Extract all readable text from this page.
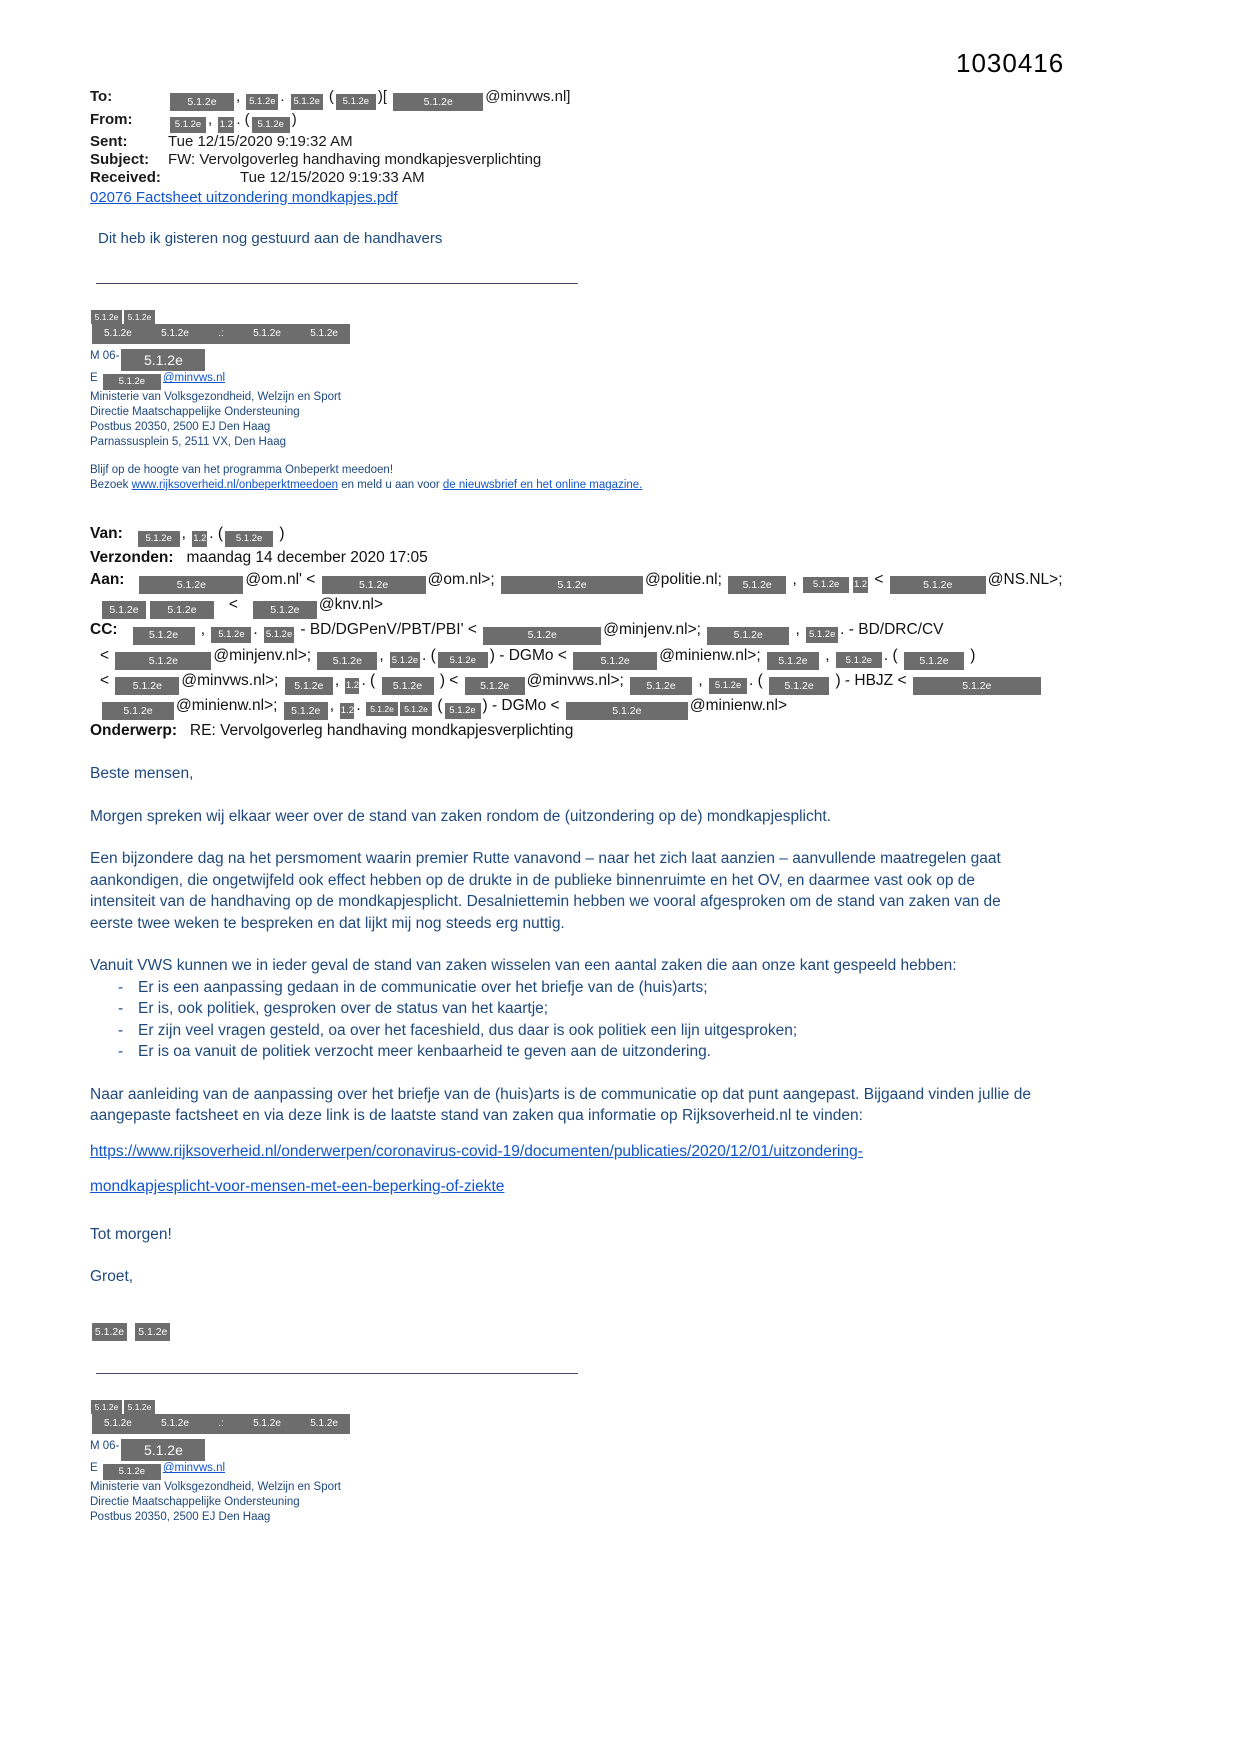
1030416
To:	5.1.2e , 5.1.2e . 5.1.2e ( 5.1.2e )[	5.1.2e @minvws.nl]
From:	5.1.2e , 1.2 . ( 5.1.2e )
Sent:	Tue 12/15/2020 9:19:32 AM
Subject:	FW: Vervolgoverleg handhaving mondkapjesverplichting
Received:	Tue 12/15/2020 9:19:33 AM
02076 Factsheet uitzondering mondkapjes.pdf
Dit heb ik gisteren nog gestuurd aan de handhavers
5.1.2e 5.1.2e
5.1.2e	5.1.2e	.:	5.1.2e	5.1.2e
M 06- 5.1.2e
E 5.1.2e @minvws.nl
Ministerie van Volksgezondheid, Welzijn en Sport
Directie Maatschappelijke Ondersteuning
Postbus 20350, 2500 EJ Den Haag
Parnassusplein 5, 2511 VX, Den Haag
Blijf op de hoogte van het programma Onbeperkt meedoen!
Bezoek www.rijksoverheid.nl/onbeperktmeedoen en meld u aan voor de nieuwsbrief en het online magazine.
Van: 5.1.2e , 1.2 . ( 5.1.2e )
Verzonden: maandag 14 december 2020 17:05
Aan:	5.1.2e	@om.nl' <	5.1.2e	@om.nl>;	5.1.2e	@politie.nl; 5.1.2e , 5.1.2e 1.2 <	5.1.2e @NS.NL>;
5.1.2e	5.1.2e   <   5.1.2e @knv.nl>
CC:	5.1.2e , 5.1.2e . 5.1.2e - BD/DGPenV/PBT/PBI' <	5.1.2e	@minjenv.nl>;	5.1.2e , 5.1.2e . - BD/DRC/CV
<	5.1.2e @minjenv.nl>; 5.1.2e , 5.1.2e . ( 5.1.2e ) - DGMo <	5.1.2e @minienw.nl>; 5.1.2e , 5.1.2e . ( 5.1.2e )
< 5.1.2e @minvws.nl>; 5.1.2e , 1.2 . ( 5.1.2e ) < 5.1.2e @minvws.nl>; 5.1.2e , 5.1.2e . ( 5.1.2e ) - HBJZ <	5.1.2e
5.1.2e @minienw.nl>; 5.1.2e , 1.2 . 5.1.2e 5.1.2e ( 5.1.2e ) - DGMo <	5.1.2e	@minienw.nl>
Onderwerp: RE: Vervolgoverleg handhaving mondkapjesverplichting

Beste mensen,

Morgen spreken wij elkaar weer over de stand van zaken rondom de (uitzondering op de) mondkapjesplicht.

Een bijzondere dag na het persmoment waarin premier Rutte vanavond – naar het zich laat aanzien – aanvullende maatregelen gaat aankondigen, die ongetwijfeld ook effect hebben op de drukte in de publieke binnenruimte en het OV, en daarmee vast ook op de intensiteit van de handhaving op de mondkapjesplicht. Desalniettemin hebben we vooral afgesproken om de stand van zaken van de eerste twee weken te bespreken en dat lijkt mij nog steeds erg nuttig.

Vanuit VWS kunnen we in ieder geval de stand van zaken wisselen van een aantal zaken die aan onze kant gespeeld hebben:

- Er is een aanpassing gedaan in de communicatie over het briefje van de (huis)arts;
- Er is, ook politiek, gesproken over de status van het kaartje;
- Er zijn veel vragen gesteld, oa over het faceshield, dus daar is ook politiek een lijn uitgesproken;
- Er is oa vanuit de politiek verzocht meer kenbaarheid te geven aan de uitzondering.

Naar aanleiding van de aanpassing over het briefje van de (huis)arts is de communicatie op dat punt aangepast. Bijgaand vinden jullie de aangepaste factsheet en via deze link is de laatste stand van zaken qua informatie op Rijksoverheid.nl te vinden:

https://www.rijksoverheid.nl/onderwerpen/coronavirus-covid-19/documenten/publicaties/2020/12/01/uitzondering-
mondkapjesplicht-voor-mensen-met-een-beperking-of-ziekte

Tot morgen!

Groet,

5.1.2e 5.1.2e
5.1.2e 5.1.2e
5.1.2e	5.1.2e	.:	5.1.2e	5.1.2e
M 06- 5.1.2e
E 5.1.2e @minvws.nl
Ministerie van Volksgezondheid, Welzijn en Sport
Directie Maatschappelijke Ondersteuning
Postbus 20350, 2500 EJ Den Haag
